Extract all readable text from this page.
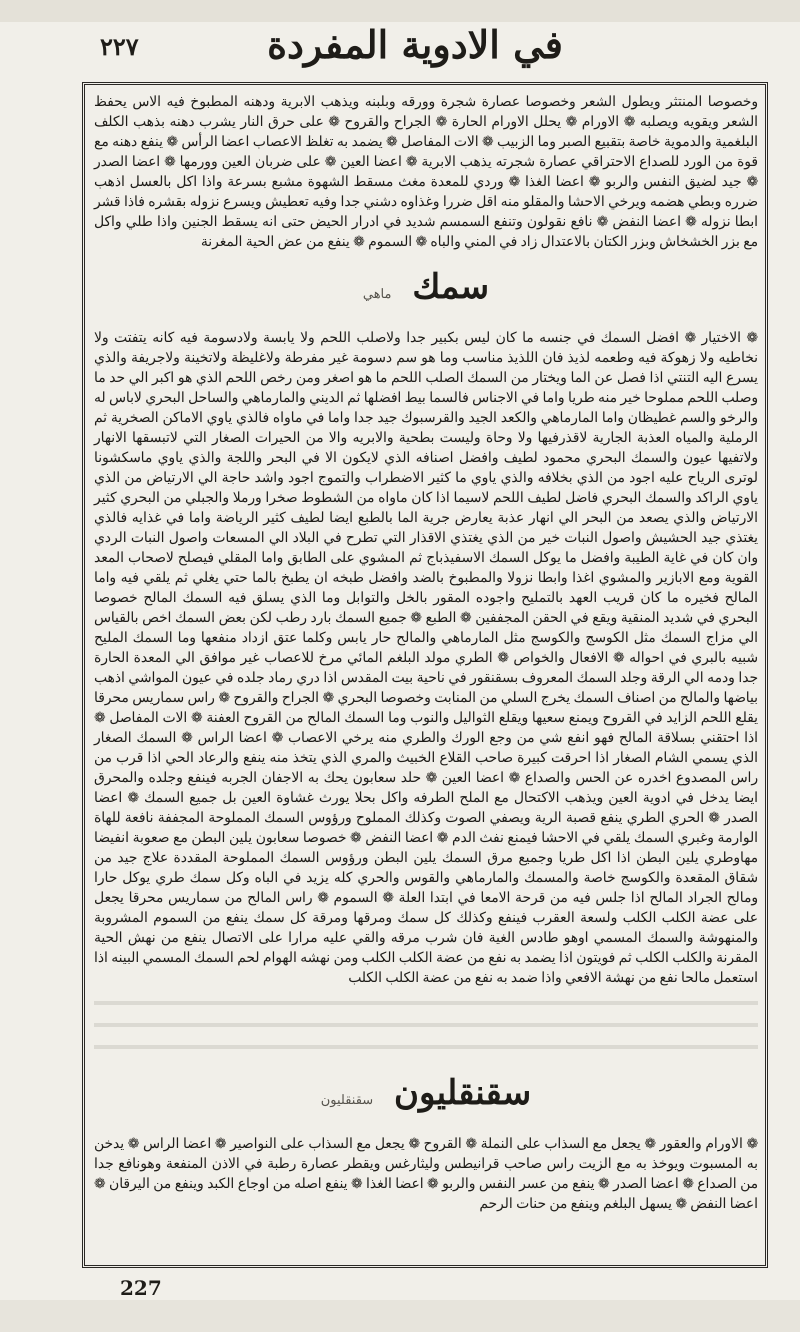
٢٢٧	في الادوية المفردة

وخصوصا المنتثر ويطول الشعر وخصوصا عصارة شجرة وورقه وبلبنه ويذهب الابرية ودهنه المطبوخ فيه الاس يحفظ الشعر ويقويه ويصلبه ❁ الاورام ❁ يحلل الاورام الحارة ❁ الجراح والقروح ❁ على حرق النار يشرب دهنه بذهب الكلف البلغمية والدموية خاصة بتقبيع الصبر وما الزبيب ❁ الات المفاصل ❁ يضمد به تغلظ الاعصاب اعضا الرأس ❁ ينفع دهنه مع قوة من الورد للصداع الاحتراقي عصارة شجرته يذهب الابرية ❁ اعضا العين ❁ على ضربان العين وورمها ❁ اعضا الصدر ❁ جيد لضيق النفس والربو ❁ اعضا الغذا ❁ وردي للمعدة مغث مسقط الشهوة مشبع بسرعة واذا اكل بالعسل اذهب ضرره وبطي هضمه ويرخي الاحشا والمقلو منه اقل ضررا وغذاوه دشني جدا وفيه تعطيش ويسرع نزوله بقشره فاذا قشر ابطا نزوله ❁ اعضا النفض ❁ نافع نقولون وتنفع السمسم شديد في ادرار الحيض حتى انه يسقط الجنين واذا طلي واكل مع بزر الخشخاش وبزر الكتان بالاعتدال زاد في المني والباه ❁ السموم ❁ ينفع من عض الحية المغرنة

سمك ماهي

❁ الاختيار ❁ افضل السمك في جنسه ما كان ليس بكبير جدا ولاصلب اللحم ولا يابسة ولادسومة فيه كانه يتفتت ولا نخاطيه ولا زهوكة فيه وطعمه لذيذ فان اللذيذ مناسب وما هو سم دسومة غير مفرطة ولاغليظة ولاتخينة ولاجريفة والذي يسرع اليه التنتي اذا فصل عن الما ويختار من السمك الصلب اللحم ما هو اصغر ومن رخص اللحم الذي هو اكبر الي حد ما وصلب اللحم مملوحا خير منه طريا واما في الاجناس فالسما بيط افضلها ثم الديني والمارماهي والساحل البحري لاباس له والرخو والسم غطيظان واما المارماهي والكعد الجيد والقرسبوك جيد جدا واما في ماواه فالذي ياوي الاماكن الصخرية ثم الرملية والمياه العذبة الجارية لاقذرفيها ولا وحاة وليست بطحية والابريه والا من الحيرات الصغار التي لاتبسقها الانهار ولاتفيها عيون والسمك البحري محمود لطيف وافضل اصنافه الذي لايكون الا في البحر واللجة والذي ياوي ماسكشونا لوترى الرياح عليه اجود من الذي بخلافه والذي ياوي ما كثير الاضطراب والتموج اجود واشد حاجة الي الارتياض من الذي ياوي الراكد والسمك البحري فاضل لطيف اللحم لاسيما اذا كان ماواه من الشطوط صخرا ورملا والجبلي من البحري كثير الارتياض والذي يصعد من البحر الي انهار عذبة يعارض جرية الما بالطبع ايضا لطيف كثير الرياضة واما في غذايه فالذي يغتذي جيد الحشيش واصول النبات خير من الذي يغتذي الاقذار التي تطرح في البلاد الي المسعات واصول النبات الردي وان كان في غاية الطيبة وافضل ما يوكل السمك الاسفيذباج ثم المشوي على الطابق واما المقلي فيصلح لاصحاب المعد القوية ومع الابازير والمشوي اغذا وابطا نزولا والمطبوخ بالضد وافضل طبخه ان يطبخ بالما حتي يغلي ثم يلقي فيه واما المالح فخيره ما كان قريب العهد بالتمليح واجوده المقور بالخل والتوابل وما الذي يسلق فيه السمك المالح خصوصا البحري في شديد المنقية ويقع في الحقن المجففين ❁ الطبع ❁ جميع السمك بارد رطب لكن بعض السمك اخص بالقياس الي مزاج السمك مثل الكوسج والكوسج مثل المارماهي والمالح حار يابس وكلما عتق ازداد منفعها وما السمك المليح شبيه بالبري في احواله ❁ الافعال والخواص ❁ الطري مولد البلغم المائي مرخ للاعصاب غير موافق الي المعدة الحارة جدا ودمه الي الرقة وجلد السمك المعروف بسقنقور في ناحية بيت المقدس اذا دري رماد جلده في عيون المواشي اذهب بياضها والمالح من اصناف السمك يخرج السلي من المنابت وخصوصا البحري ❁ الجراح والقروح ❁ راس سماريس محرقا يقلع اللحم الزايد في القروح ويمنع سعيها ويقلع الثواليل والنوب وما السمك المالح من القروح العفنة ❁ الات المفاصل ❁ اذا احتقني بسلاقة المالح فهو انفع شي من وجع الورك والطري منه يرخي الاعصاب ❁ اعضا الراس ❁ السمك الصغار الذي يسمي الشام الصغار اذا احرقت كبيرة صاحب القلاع الخبيث والمري الذي يتخذ منه ينفع والرعاد الحي اذا قرب من راس المصدوع اخدره عن الحس والصداع ❁ اعضا العين ❁ حلد سعابون يحك به الاجفان الجربه فينفع وجلده والمحرق ايضا يدخل في ادوية العين ويذهب الاكتحال مع الملح الطرفه واكل بحلا يورث غشاوة العين بل جميع السمك ❁ اعضا الصدر ❁ الحري الطري ينفع قصبة الرية ويصفي الصوت وكذلك المملوح ورؤوس السمك المملوحة المجففة نافعة للهاة الوارمة وغبري السمك يلقي في الاحشا فيمنع نفث الدم ❁ اعضا النفض ❁ خصوصا سعابون يلين البطن مع صعوبة انفيضا مهاوطري يلين البطن اذا اكل طريا وجميع مرق السمك يلين البطن ورؤوس السمك المملوحة المقددة علاج جيد من شقاق المقعدة والكوسج خاصة والمسمك والمارماهي والقوس والحري كله يزيد في الباه وكل سمك طري يوكل حارا ومالح الجراد المالح اذا جلس فيه من قرحة الامعا في ابتدا العلة ❁ السموم ❁ راس المالح من سماريس محرقا يجعل على عضة الكلب الكلب ولسعة العقرب فينفع وكذلك كل سمك ومرقها ومرقة كل سمك ينفع من السموم المشروبة والمنهوشة والسمك المسمي اوهو طادس الغية فان شرب مرقه والقي عليه مرارا على الاتصال ينفع من نهش الحية المقرنة والكلب الكلب ثم فويتون اذا يضمد به نفع من عضة الكلب الكلب ومن نهشه الهوام لحم السمك المسمي البينه اذا استعمل مالحا نفع من نهشة الافعي واذا ضمد به نفع من عضة الكلب الكلب

سقنقليون سقنقليون

❁ الاورام والعقور ❁ يجعل مع السذاب على النملة ❁ القروح ❁ يجعل مع السذاب على النواصير ❁ اعضا الراس ❁ يدخن به المسبوت ويوخذ به مع الزيت راس صاحب قرانيطس وليثارغس ويقطر عصارة رطبة في الاذن المنفعة وهونافع جدا من الصداع ❁ اعضا الصدر ❁ ينفع من عسر النفس والربو ❁ اعضا الغذا ❁ ينفع اصله من اوجاع الكبد وينفع من اليرقان ❁ اعضا النفض ❁ يسهل البلغم وينفع من حنات الرحم

227
